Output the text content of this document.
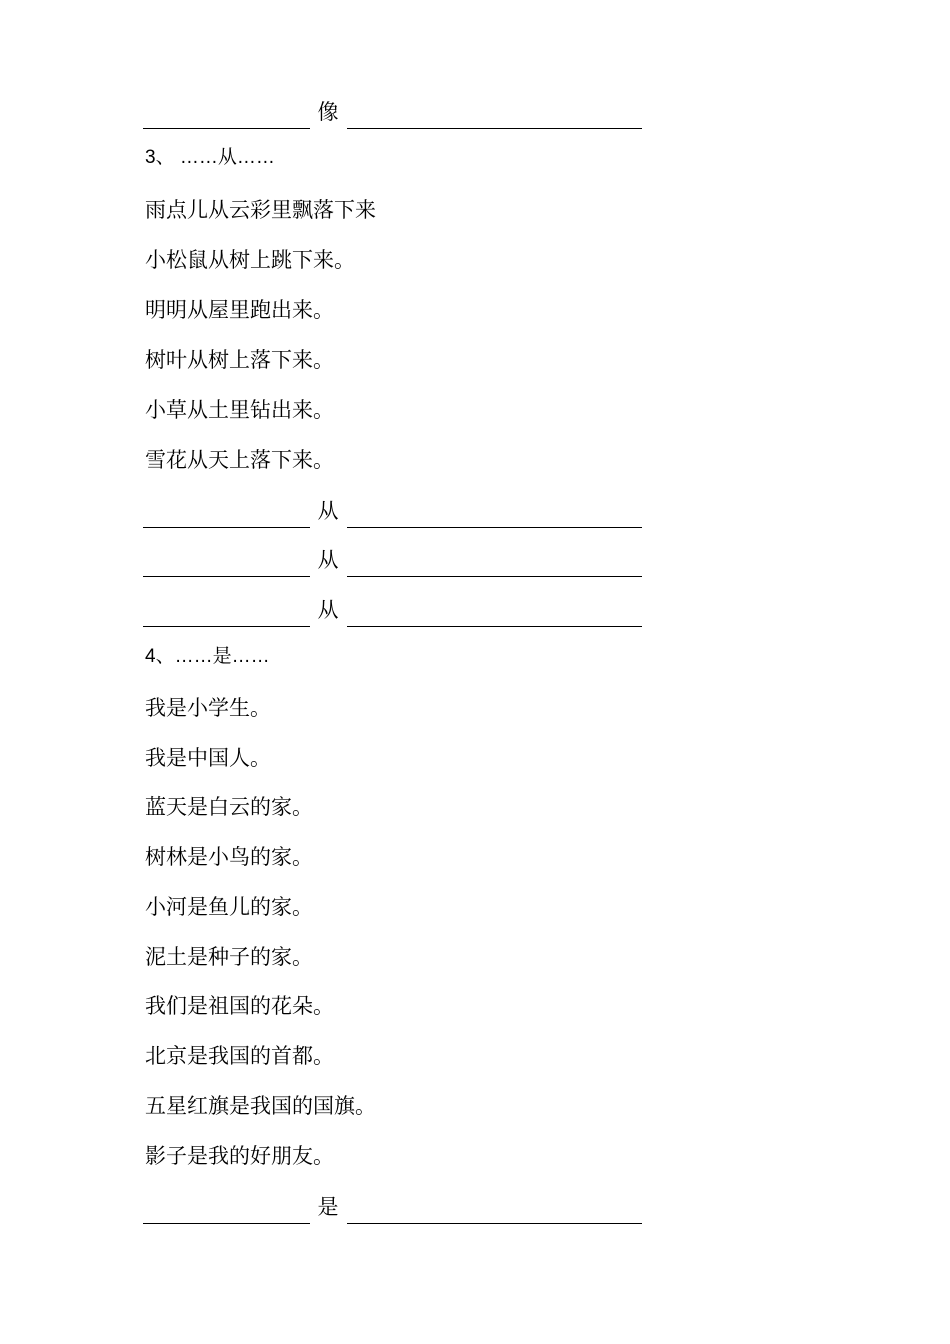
像
3、 ……从……
雨点儿从云彩里飘落下来
小松鼠从树上跳下来。
明明从屋里跑出来。
树叶从树上落下来。
小草从土里钻出来。
雪花从天上落下来。
从
从
从
4、……是……
我是小学生。
我是中国人。
蓝天是白云的家。
树林是小鸟的家。
小河是鱼儿的家。
泥土是种子的家。
我们是祖国的花朵。
北京是我国的首都。
五星红旗是我国的国旗。
影子是我的好朋友。
是
